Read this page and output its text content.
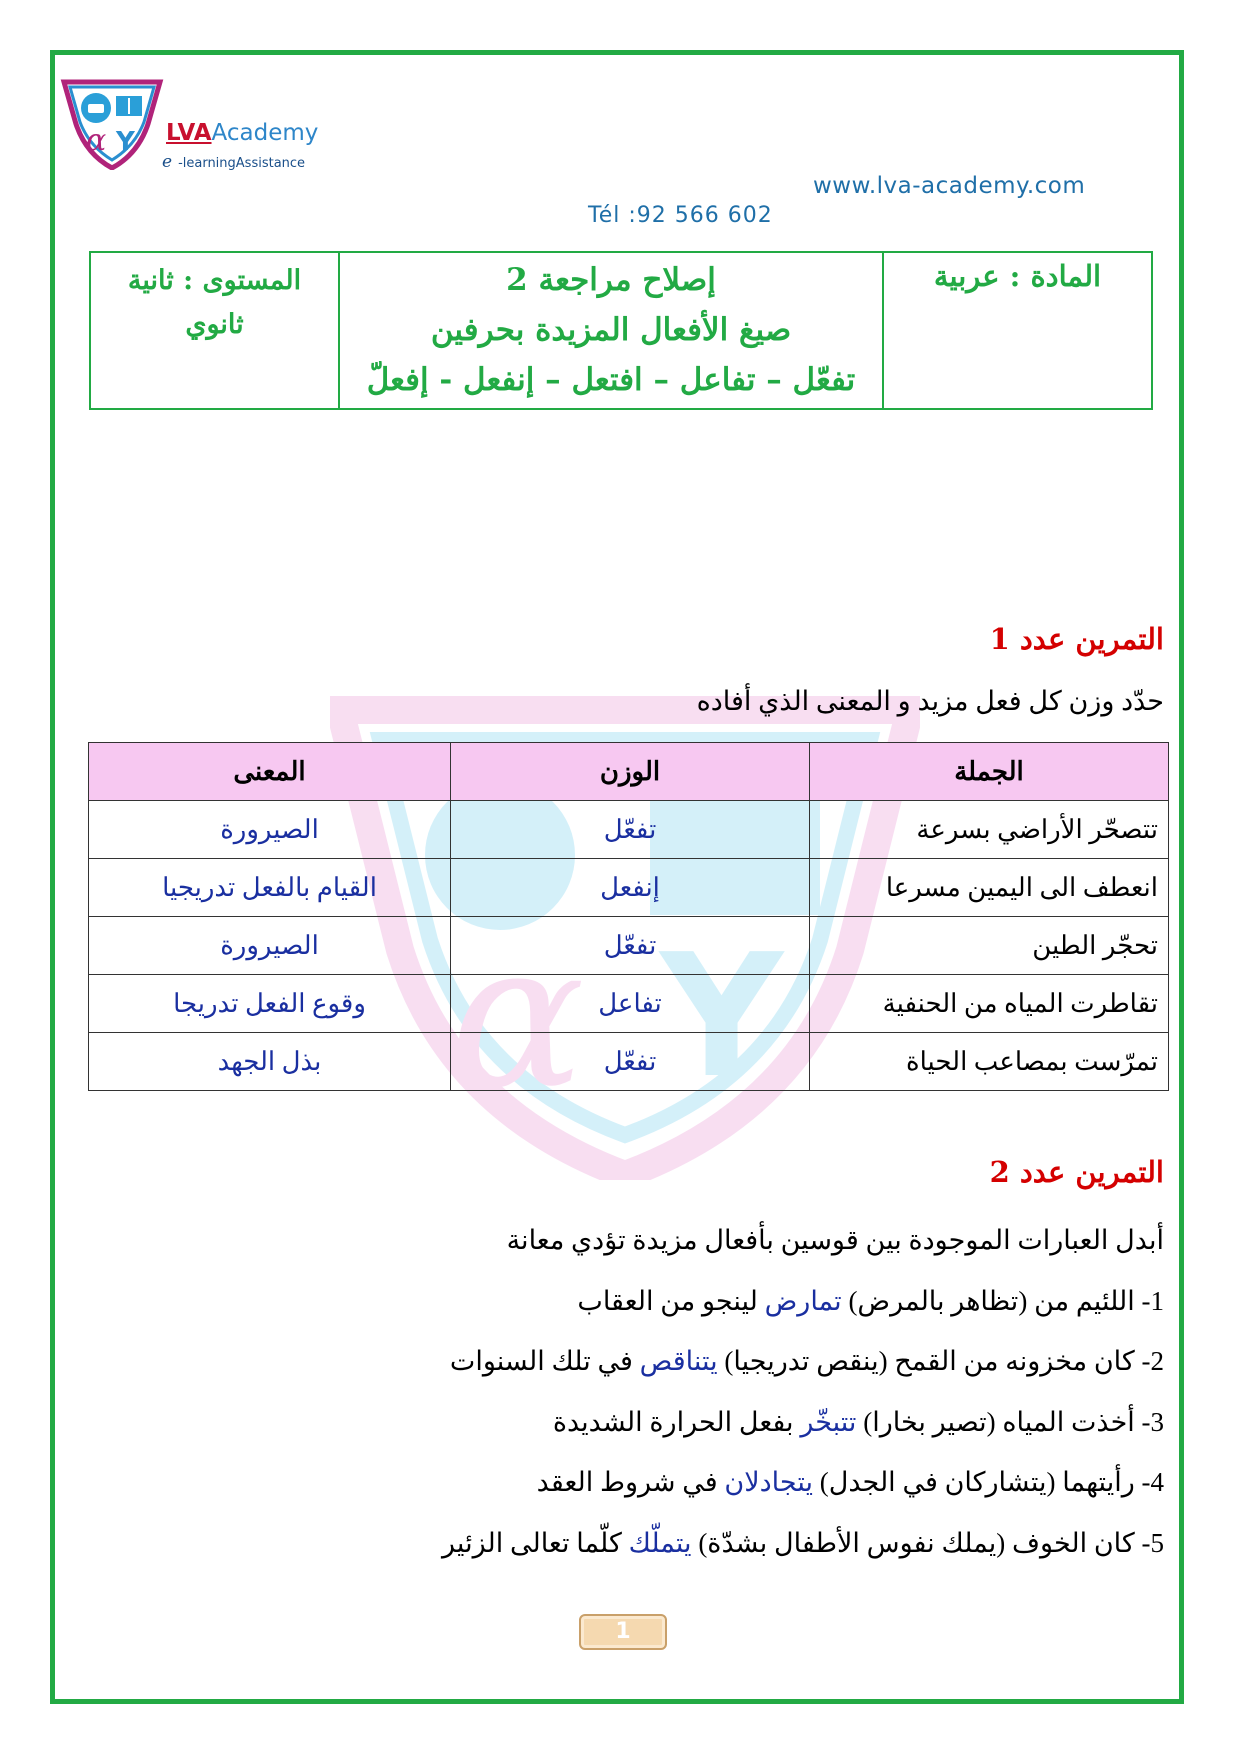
α Y LVAAcademy
e -learningAssistance
www.lva-academy.com
Tél :92 566 602
المادة : عربية	
إصلاح مراجعة 2
صيغ الأفعال المزيدة بحرفين
تفعّل – تفاعل – افتعل – إنفعل - إفعلّ

المستوى : ثانية
ثانوي
α Y
التمرين عدد 1
حدّد وزن كل فعل مزيد و المعنى الذي أفاده
الجملة	الوزن	المعنى
تتصحّر الأراضي بسرعة	تفعّل	الصيرورة
انعطف الى اليمين مسرعا	إنفعل	القيام بالفعل تدريجيا
تحجّر الطين	تفعّل	الصيرورة
تقاطرت المياه من الحنفية	تفاعل	وقوع الفعل تدريجا
تمرّست بمصاعب الحياة	تفعّل	بذل الجهد
التمرين عدد 2
أبدل العبارات الموجودة بين قوسين بأفعال مزيدة تؤدي معانة
1- اللئيم من (تظاهر بالمرض) تمارض لينجو من العقاب
2- كان مخزونه من القمح (ينقص تدريجيا) يتناقص في تلك السنوات
3- أخذت المياه (تصير بخارا) تتبخّر بفعل الحرارة الشديدة
4- رأيتهما (يتشاركان في الجدل) يتجادلان في شروط العقد
5- كان الخوف (يملك نفوس الأطفال بشدّة) يتملّك كلّما تعالى الزئير
1
